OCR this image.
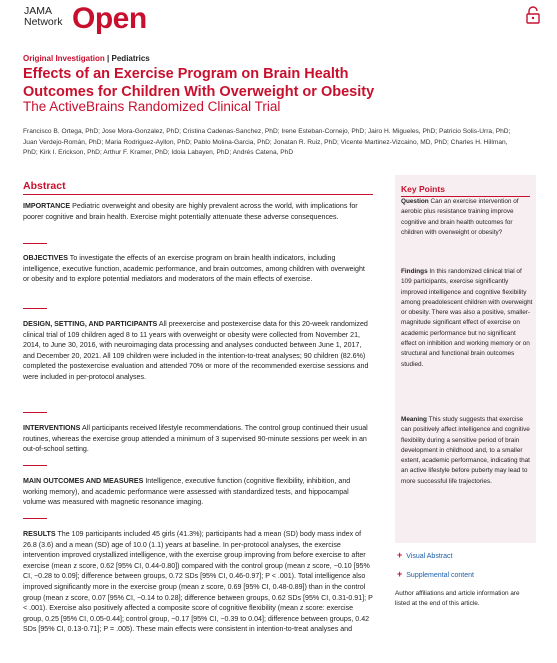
JAMA
Network Open
Original Investigation | Pediatrics
Effects of an Exercise Program on Brain Health Outcomes for Children With Overweight or Obesity
The ActiveBrains Randomized Clinical Trial
Francisco B. Ortega, PhD; Jose Mora-Gonzalez, PhD; Cristina Cadenas-Sanchez, PhD; Irene Esteban-Cornejo, PhD; Jairo H. Migueles, PhD; Patricio Solis-Urra, PhD; Juan Verdejo-Román, PhD; Maria Rodriguez-Ayllon, PhD; Pablo Molina-Garcia, PhD; Jonatan R. Ruiz, PhD; Vicente Martinez-Vizcaino, MD, PhD; Charles H. Hillman, PhD; Kirk I. Erickson, PhD; Arthur F. Kramer, PhD; Idoia Labayen, PhD; Andrés Catena, PhD
Abstract
IMPORTANCE Pediatric overweight and obesity are highly prevalent across the world, with implications for poorer cognitive and brain health. Exercise might potentially attenuate these adverse consequences.
OBJECTIVES To investigate the effects of an exercise program on brain health indicators, including intelligence, executive function, academic performance, and brain outcomes, among children with overweight or obesity and to explore potential mediators and moderators of the main effects of exercise.
DESIGN, SETTING, AND PARTICIPANTS All preexercise and postexercise data for this 20-week randomized clinical trial of 109 children aged 8 to 11 years with overweight or obesity were collected from November 21, 2014, to June 30, 2016, with neuroimaging data processing and analyses conducted between June 1, 2017, and December 20, 2021. All 109 children were included in the intention-to-treat analyses; 90 children (82.6%) completed the postexercise evaluation and attended 70% or more of the recommended exercise sessions and were included in per-protocol analyses.
INTERVENTIONS All participants received lifestyle recommendations. The control group continued their usual routines, whereas the exercise group attended a minimum of 3 supervised 90-minute sessions per week in an out-of-school setting.
MAIN OUTCOMES AND MEASURES Intelligence, executive function (cognitive flexibility, inhibition, and working memory), and academic performance were assessed with standardized tests, and hippocampal volume was measured with magnetic resonance imaging.
RESULTS The 109 participants included 45 girls (41.3%); participants had a mean (SD) body mass index of 26.8 (3.6) and a mean (SD) age of 10.0 (1.1) years at baseline. In per-protocol analyses, the exercise intervention improved crystallized intelligence, with the exercise group improving from before exercise to after exercise (mean z score, 0.62 [95% CI, 0.44-0.80]) compared with the control group (mean z score, −0.10 [95% CI, −0.28 to 0.09]; difference between groups, 0.72 SDs [95% CI, 0.46-0.97]; P < .001). Total intelligence also improved significantly more in the exercise group (mean z score, 0.69 [95% CI, 0.48-0.89]) than in the control group (mean z score, 0.07 [95% CI, −0.14 to 0.28]; difference between groups, 0.62 SDs [95% CI, 0.31-0.91]; P < .001). Exercise also positively affected a composite score of cognitive flexibility (mean z score: exercise group, 0.25 [95% CI, 0.05-0.44]; control group, −0.17 [95% CI, −0.39 to 0.04]; difference between groups, 0.42 SDs [95% CI, 0.13-0.71]; P = .005). These main effects were consistent in intention-to-treat analyses and
Key Points
Question Can an exercise intervention of aerobic plus resistance training improve cognitive and brain health outcomes for children with overweight or obesity?
Findings In this randomized clinical trial of 109 participants, exercise significantly improved intelligence and cognitive flexibility among preadolescent children with overweight or obesity. There was also a positive, smaller-magnitude significant effect of exercise on academic performance but no significant effect on inhibition and working memory or on structural and functional brain outcomes studied.
Meaning This study suggests that exercise can positively affect intelligence and cognitive flexibility during a sensitive period of brain development in childhood and, to a smaller extent, academic performance, indicating that an active lifestyle before puberty may lead to more successful life trajectories.
+ Visual Abstract
+ Supplemental content
Author affiliations and article information are listed at the end of this article.
